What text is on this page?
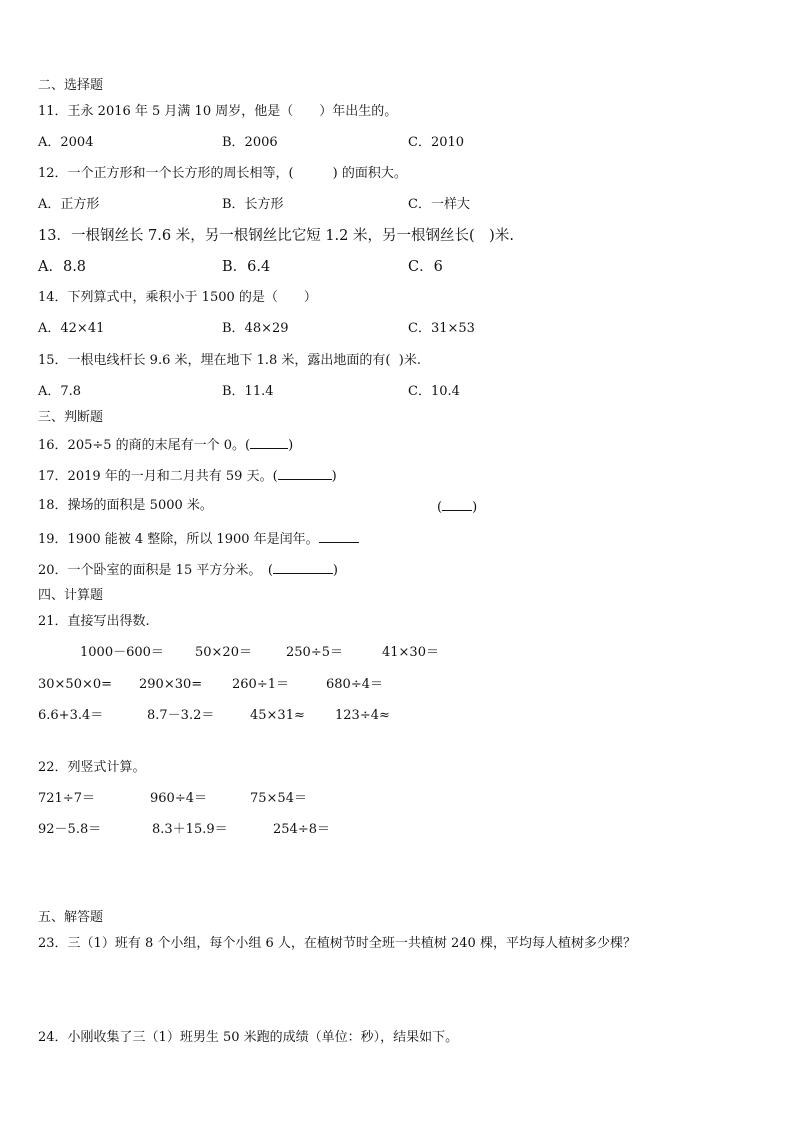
二、选择题
11．王永 2016 年 5 月满 10 周岁，他是（　　）年出生的。
A．2004	B．2006	C．2010
12．一个正方形和一个长方形的周长相等，(　　　) 的面积大。
A．正方形	B．长方形	C．一样大
13．一根钢丝长 7.6 米，另一根钢丝比它短 1.2 米，另一根钢丝长(　)米.
A．8.8	B．6.4	C．6
14．下列算式中，乘积小于 1500 的是（　　）
A．42×41	B．48×29	C．31×53
15．一根电线杆长 9.6 米，埋在地下 1.8 米，露出地面的有(  )米.
A．7.8	B．11.4	C．10.4
三、判断题
16．205÷5 的商的末尾有一个 0。(	)
17．2019 年的一月和二月共有 59 天。(	)
18．操场的面积是 5000 米。	( )
19．1900 能被 4 整除，所以 1900 年是闰年。
20．一个卧室的面积是 15 平方分米。　(	)
四、计算题
21．直接写出得数.
1000－600＝ 50×20＝	250÷5＝	41×30＝
30×50×0= 290×30= 260÷1＝	680÷4＝
6.6+3.4＝	8.7－3.2＝	45×31≈ 123÷4≈
22．列竖式计算。
721÷7＝	960÷4＝	75×54＝
92－5.8＝	8.3＋15.9＝	254÷8＝
五、解答题
23．三（1）班有 8 个小组，每个小组 6 人，在植树节时全班一共植树 240 棵，平均每人植树多少棵？
24．小刚收集了三（1）班男生 50 米跑的成绩（单位：秒），结果如下。
